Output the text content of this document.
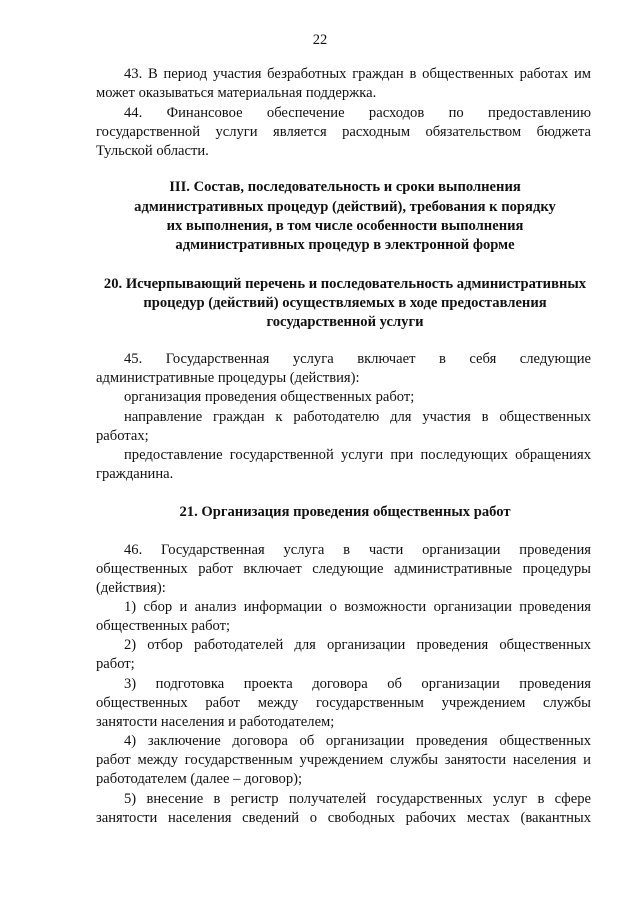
22
43. В период участия безработных граждан в общественных работах им
может оказываться материальная поддержка.
44. Финансовое обеспечение расходов по предоставлению
государственной услуги является расходным обязательством бюджета
Тульской области.
III. Состав, последовательность и сроки выполнения
административных процедур (действий), требования к порядку
их выполнения, в том числе особенности выполнения
административных процедур в электронной форме
20. Исчерпывающий перечень и последовательность административных
процедур (действий) осуществляемых в ходе предоставления
государственной услуги
45. Государственная услуга включает в себя следующие
административные процедуры (действия):
организация проведения общественных работ;
направление граждан к работодателю для участия в общественных
работах;
предоставление государственной услуги при последующих обращениях
гражданина.
21. Организация проведения общественных работ
46. Государственная услуга в части организации проведения
общественных работ включает следующие административные процедуры
(действия):
1) сбор и анализ информации о возможности организации проведения
общественных работ;
2) отбор работодателей для организации проведения общественных
работ;
3) подготовка проекта договора об организации проведения
общественных работ между государственным учреждением службы
занятости населения и работодателем;
4) заключение договора об организации проведения общественных
работ между государственным учреждением службы занятости населения и
работодателем (далее – договор);
5) внесение в регистр получателей государственных услуг в сфере
занятости населения сведений о свободных рабочих местах (вакантных
